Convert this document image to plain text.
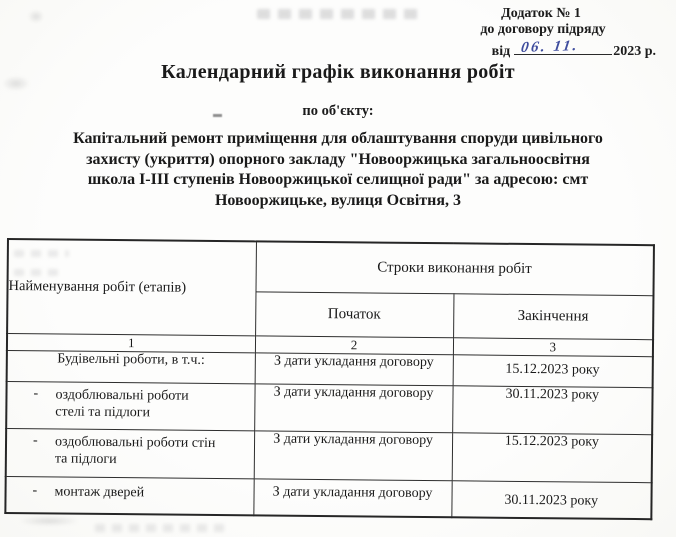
Додаток № 1
до договору підряду
від 06. 11. 2023 р.
Календарний графік виконання робіт
по об'єкту:
Капітальний ремонт приміщення для облаштування споруди цивільного
захисту (укриття) опорного закладу "Новооржицька загальноосвітня
школа І-ІІІ ступенів Новооржицької селищної ради" за адресою: смт
Новооржицьке, вулиця Освітня, 3
Найменування робіт (етапів)	Строки виконання робіт	
	Початок	Закінчення
1	2	3
Будівельні роботи, в т.ч.:	З дати укладання договору	15.12.2023 року

- оздоблювальні роботи стелі та підлоги	З дати укладання договору	30.11.2023 року

- оздоблювальні роботи стін та підлоги	З дати укладання договору	15.12.2023 року

- монтаж дверей	З дати укладання договору	30.11.2023 року
